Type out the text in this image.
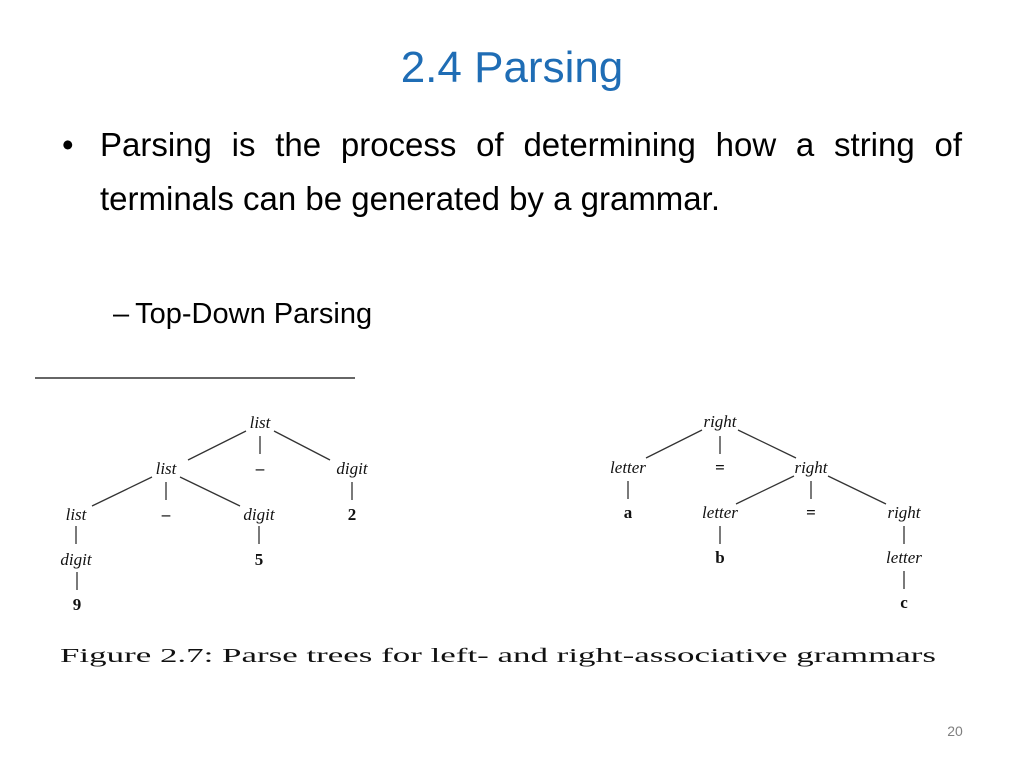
2.4 Parsing
• Parsing is the process of determining how a string of terminals can be generated by a grammar.
– Top-Down Parsing
list
list	–	digit
list	–	digit	2
digit	5
9
right
letter	=	right
a	letter	=	right
b	letter
c
Figure 2.7: Parse trees for left- and right-associative grammars
20
